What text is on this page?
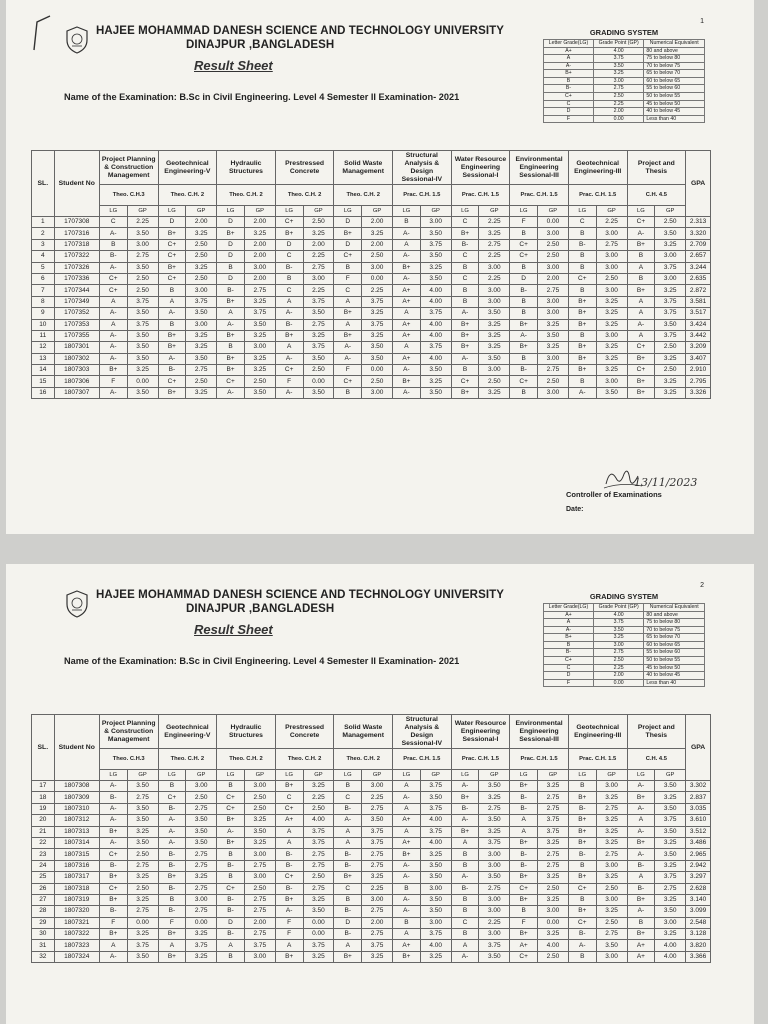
1
HAJEE MOHAMMAD DANESH SCIENCE AND TECHNOLOGY UNIVERSITY
DINAJPUR ,BANGLADESH
Result Sheet
Name of the Examination: B.Sc in Civil Engineering. Level 4 Semester II Examination- 2021
GRADING SYSTEM
Letter Grade(LG)	Grade Point (GP)	Numerical Equivalent
A+	4.00	80 and above
A	3.75	75 to below 80
A-	3.50	70 to below 75
B+	3.25	65 to below 70
B	3.00	60 to below 65
B-	2.75	55 to below 60
C+	2.50	50 to below 55
C	2.25	45 to below 50
D	2.00	40 to below 45
F	0.00	Less than 40
SL.	Student No	Project Planning & Construction Management		Geotechnical Engineering-V		Hydraulic Structures		Prestressed Concrete		Solid Waste Management		Structural Analysis & Design Sessional-IV		Water Resource Engineering Sessional-I		Environmental Engineering Sessional-III		Geotechnical Engineering-III		Project and Thesis		GPA
		Theo. C.H.3		Theo. C.H. 2		Theo. C.H. 2		Theo. C.H. 2		Theo. C.H. 2		Prac. C.H. 1.5		Prac. C.H. 1.5		Prac. C.H. 1.5		Prac. C.H. 1.5		C.H. 4.5		
		LG	GP	LG	GP	LG	GP	LG	GP	LG	GP	LG	GP	LG	GP	LG	GP	LG	GP	LG	GP	
1	1707308	C	2.25	D	2.00	D	2.00	C+	2.50	D	2.00	B	3.00	C	2.25	F	0.00	C	2.25	C+	2.50	2.313
2	1707316	A-	3.50	B+	3.25	B+	3.25	B+	3.25	B+	3.25	A-	3.50	B+	3.25	B	3.00	B	3.00	A-	3.50	3.320
3	1707318	B	3.00	C+	2.50	D	2.00	D	2.00	D	2.00	A	3.75	B-	2.75	C+	2.50	B-	2.75	B+	3.25	2.709
4	1707322	B-	2.75	C+	2.50	D	2.00	C	2.25	C+	2.50	A-	3.50	C	2.25	C+	2.50	B	3.00	B	3.00	2.657
5	1707326	A-	3.50	B+	3.25	B	3.00	B-	2.75	B	3.00	B+	3.25	B	3.00	B	3.00	B	3.00	A	3.75	3.244
6	1707336	C+	2.50	C+	2.50	D	2.00	B	3.00	F	0.00	A-	3.50	C	2.25	D	2.00	C+	2.50	B	3.00	2.635
7	1707344	C+	2.50	B	3.00	B-	2.75	C	2.25	C	2.25	A+	4.00	B	3.00	B-	2.75	B	3.00	B+	3.25	2.872
8	1707349	A	3.75	A	3.75	B+	3.25	A	3.75	A	3.75	A+	4.00	B	3.00	B	3.00	B+	3.25	A	3.75	3.581
9	1707352	A-	3.50	A-	3.50	A	3.75	A-	3.50	B+	3.25	A	3.75	A-	3.50	B	3.00	B+	3.25	A	3.75	3.517
10	1707353	A	3.75	B	3.00	A-	3.50	B-	2.75	A	3.75	A+	4.00	B+	3.25	B+	3.25	B+	3.25	A-	3.50	3.424
11	1707355	A-	3.50	B+	3.25	B+	3.25	B+	3.25	B+	3.25	A+	4.00	B+	3.25	A-	3.50	B	3.00	A	3.75	3.442
12	1807301	A-	3.50	B+	3.25	B	3.00	A	3.75	A-	3.50	A	3.75	B+	3.25	B+	3.25	B+	3.25	C+	2.50	3.209
13	1807302	A-	3.50	A-	3.50	B+	3.25	A-	3.50	A-	3.50	A+	4.00	A-	3.50	B	3.00	B+	3.25	B+	3.25	3.407
14	1807303	B+	3.25	B-	2.75	B+	3.25	C+	2.50	F	0.00	A-	3.50	B	3.00	B-	2.75	B+	3.25	C+	2.50	2.910
15	1807306	F	0.00	C+	2.50	C+	2.50	F	0.00	C+	2.50	B+	3.25	C+	2.50	C+	2.50	B	3.00	B+	3.25	2.795
16	1807307	A-	3.50	B+	3.25	A-	3.50	A-	3.50	B	3.00	A-	3.50	B+	3.25	B	3.00	A-	3.50	B+	3.25	3.326
13/11/2023
Controller of Examinations
Date:
2
HAJEE MOHAMMAD DANESH SCIENCE AND TECHNOLOGY UNIVERSITY
DINAJPUR ,BANGLADESH
Result Sheet
Name of the Examination: B.Sc in Civil Engineering. Level 4 Semester II Examination- 2021
GRADING SYSTEM
Letter Grade(LG)	Grade Point (GP)	Numerical Equivalent
A+	4.00	80 and above
A	3.75	75 to below 80
A-	3.50	70 to below 75
B+	3.25	65 to below 70
B	3.00	60 to below 65
B-	2.75	55 to below 60
C+	2.50	50 to below 55
C	2.25	45 to below 50
D	2.00	40 to below 45
F	0.00	Less than 40
SL.	Student No	Project Planning & Construction Management		Geotechnical Engineering-V		Hydraulic Structures		Prestressed Concrete		Solid Waste Management		Structural Analysis & Design Sessional-IV		Water Resource Engineering Sessional-I		Environmental Engineering Sessional-III		Geotechnical Engineering-III		Project and Thesis		GPA
		Theo. C.H.3		Theo. C.H. 2		Theo. C.H. 2		Theo. C.H. 2		Theo. C.H. 2		Prac. C.H. 1.5		Prac. C.H. 1.5		Prac. C.H. 1.5		Prac. C.H. 1.5		C.H. 4.5		
		LG	GP	LG	GP	LG	GP	LG	GP	LG	GP	LG	GP	LG	GP	LG	GP	LG	GP	LG	GP	
17	1807308	A-	3.50	B	3.00	B	3.00	B+	3.25	B	3.00	A	3.75	A-	3.50	B+	3.25	B	3.00	A-	3.50	3.302
18	1807309	B-	2.75	C+	2.50	C+	2.50	C	2.25	C	2.25	A-	3.50	B+	3.25	B-	2.75	B+	3.25	B+	3.25	2.837
19	1807310	A-	3.50	B-	2.75	C+	2.50	C+	2.50	B-	2.75	A	3.75	B-	2.75	B-	2.75	B-	2.75	A-	3.50	3.035
20	1807312	A-	3.50	A-	3.50	B+	3.25	A+	4.00	A-	3.50	A+	4.00	A-	3.50	A	3.75	B+	3.25	A	3.75	3.610
21	1807313	B+	3.25	A-	3.50	A-	3.50	A	3.75	A	3.75	A	3.75	B+	3.25	A	3.75	B+	3.25	A-	3.50	3.512
22	1807314	A-	3.50	A-	3.50	B+	3.25	A	3.75	A	3.75	A+	4.00	A	3.75	B+	3.25	B+	3.25	B+	3.25	3.486
23	1807315	C+	2.50	B-	2.75	B	3.00	B-	2.75	B-	2.75	B+	3.25	B	3.00	B-	2.75	B-	2.75	A-	3.50	2.965
24	1807316	B-	2.75	B-	2.75	B-	2.75	B-	2.75	B-	2.75	A-	3.50	B	3.00	B-	2.75	B	3.00	B-	3.25	2.942
25	1807317	B+	3.25	B+	3.25	B	3.00	C+	2.50	B+	3.25	A-	3.50	A-	3.50	B+	3.25	B+	3.25	A	3.75	3.297
26	1807318	C+	2.50	B-	2.75	C+	2.50	B-	2.75	C	2.25	B	3.00	B-	2.75	C+	2.50	C+	2.50	B-	2.75	2.628
27	1807319	B+	3.25	B	3.00	B-	2.75	B+	3.25	B	3.00	A-	3.50	B	3.00	B+	3.25	B	3.00	B+	3.25	3.140
28	1807320	B-	2.75	B-	2.75	B-	2.75	A-	3.50	B-	2.75	A-	3.50	B	3.00	B	3.00	B+	3.25	A-	3.50	3.099
29	1807321	F	0.00	F	0.00	D	2.00	F	0.00	D	2.00	B	3.00	C	2.25	F	0.00	C+	2.50	B	3.00	2.548
30	1807322	B+	3.25	B+	3.25	B-	2.75	F	0.00	B-	2.75	A	3.75	B	3.00	B+	3.25	B-	2.75	B+	3.25	3.128
31	1807323	A	3.75	A	3.75	A	3.75	A	3.75	A	3.75	A+	4.00	A	3.75	A+	4.00	A-	3.50	A+	4.00	3.820
32	1807324	A-	3.50	B+	3.25	B	3.00	B+	3.25	B+	3.25	B+	3.25	A-	3.50	C+	2.50	B	3.00	A+	4.00	3.366
